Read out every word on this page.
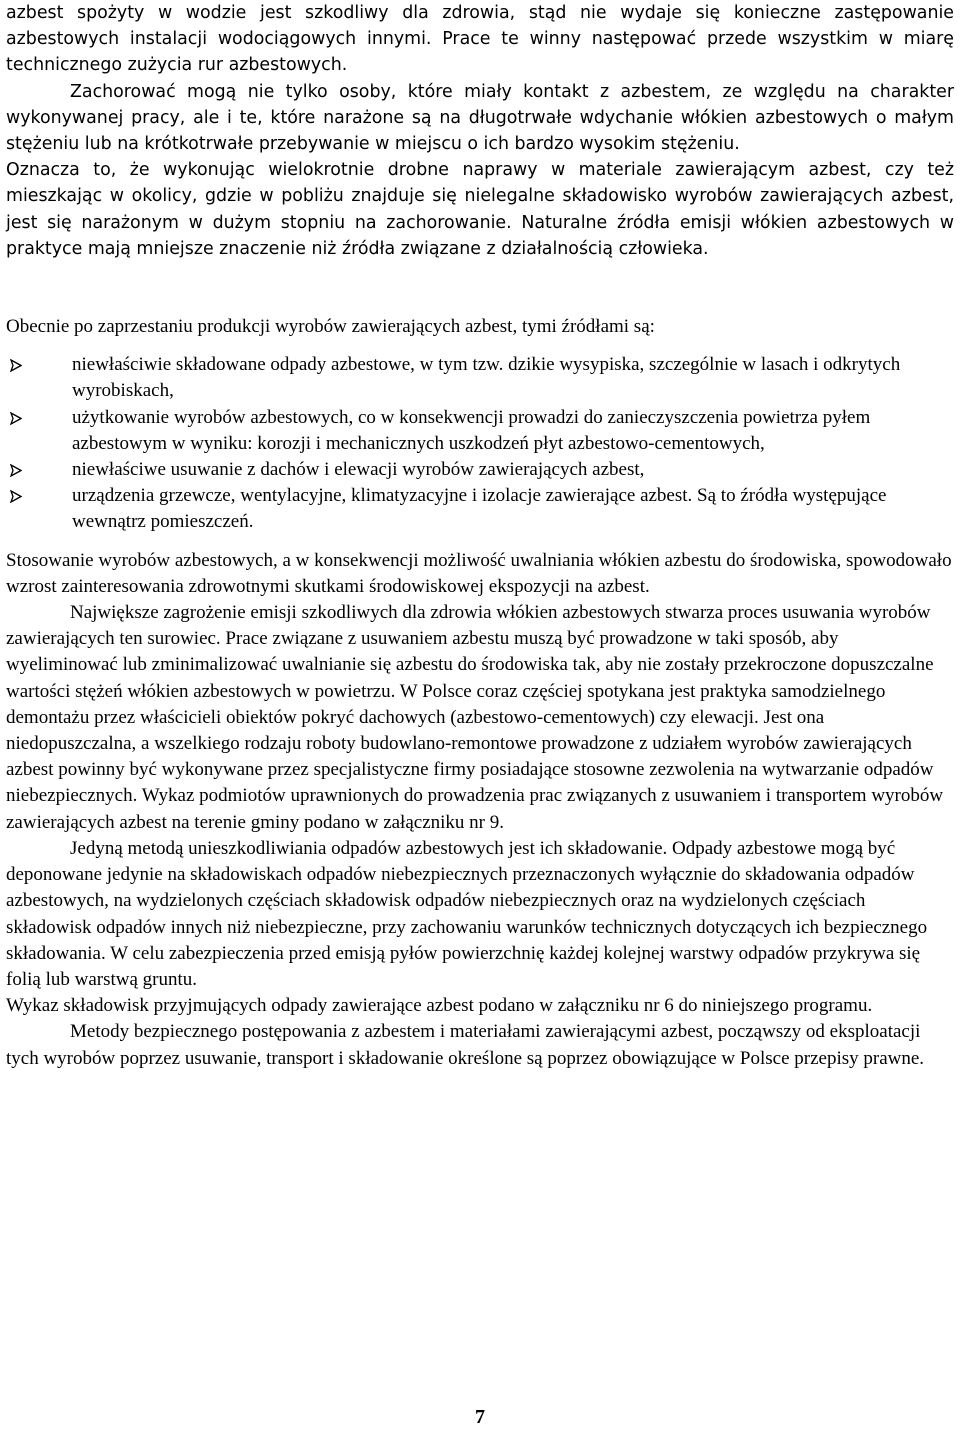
azbest spożyty w wodzie jest szkodliwy dla zdrowia, stąd nie wydaje się konieczne zastępowanie azbestowych instalacji wodociągowych innymi. Prace te winny następować przede wszystkim w miarę technicznego zużycia rur azbestowych.

Zachorować mogą nie tylko osoby, które miały kontakt z azbestem, ze względu na charakter wykonywanej pracy, ale i te, które narażone są na długotrwałe wdychanie włókien azbestowych o małym stężeniu lub na krótkotrwałe przebywanie w miejscu o ich bardzo wysokim stężeniu.

Oznacza to, że wykonując wielokrotnie drobne naprawy w materiale zawierającym azbest, czy też mieszkając w okolicy, gdzie w pobliżu znajduje się nielegalne składowisko wyrobów zawierających azbest, jest się narażonym w dużym stopniu na zachorowanie. Naturalne źródła emisji włókien azbestowych w praktyce mają mniejsze znaczenie niż źródła związane z działalnością człowieka.

Obecnie po zaprzestaniu produkcji wyrobów zawierających azbest, tymi źródłami są:

niewłaściwie składowane odpady azbestowe, w tym tzw. dzikie wysypiska, szczególnie w lasach i odkrytych wyrobiskach,
użytkowanie wyrobów azbestowych, co w konsekwencji prowadzi do zanieczyszczenia powietrza pyłem azbestowym w wyniku: korozji i mechanicznych uszkodzeń płyt azbestowo-cementowych,
niewłaściwe usuwanie z dachów i elewacji wyrobów zawierających azbest,
urządzenia grzewcze, wentylacyjne, klimatyzacyjne i izolacje zawierające azbest. Są to źródła występujące wewnątrz pomieszczeń.

Stosowanie wyrobów azbestowych, a w konsekwencji możliwość uwalniania włókien azbestu do środowiska, spowodowało wzrost zainteresowania zdrowotnymi skutkami środowiskowej ekspozycji na azbest.

Największe zagrożenie emisji szkodliwych dla zdrowia włókien azbestowych stwarza proces usuwania wyrobów zawierających ten surowiec. Prace związane z usuwaniem azbestu muszą być prowadzone w taki sposób, aby wyeliminować lub zminimalizować uwalnianie się azbestu do środowiska tak, aby nie zostały przekroczone dopuszczalne wartości stężeń włókien azbestowych w powietrzu. W Polsce coraz częściej spotykana jest praktyka samodzielnego demontażu przez właścicieli obiektów pokryć dachowych (azbestowo-cementowych) czy elewacji. Jest ona niedopuszczalna, a wszelkiego rodzaju roboty budowlano-remontowe prowadzone z udziałem wyrobów zawierających azbest powinny być wykonywane przez specjalistyczne firmy posiadające stosowne zezwolenia na wytwarzanie odpadów niebezpiecznych. Wykaz podmiotów uprawnionych do prowadzenia prac związanych z usuwaniem i transportem wyrobów zawierających azbest na terenie gminy podano w załączniku nr 9.

Jedyną metodą unieszkodliwiania odpadów azbestowych jest ich składowanie. Odpady azbestowe mogą być deponowane jedynie na składowiskach odpadów niebezpiecznych przeznaczonych wyłącznie do składowania odpadów azbestowych, na wydzielonych częściach składowisk odpadów niebezpiecznych oraz na wydzielonych częściach składowisk odpadów innych niż niebezpieczne, przy zachowaniu warunków technicznych dotyczących ich bezpiecznego składowania. W celu zabezpieczenia przed emisją pyłów powierzchnię każdej kolejnej warstwy odpadów przykrywa się folią lub warstwą gruntu.

Wykaz składowisk przyjmujących odpady zawierające azbest podano w załączniku nr 6 do niniejszego programu.

Metody bezpiecznego postępowania z azbestem i materiałami zawierającymi azbest, począwszy od eksploatacji tych wyrobów poprzez usuwanie, transport i składowanie określone są poprzez obowiązujące w Polsce przepisy prawne.

7
